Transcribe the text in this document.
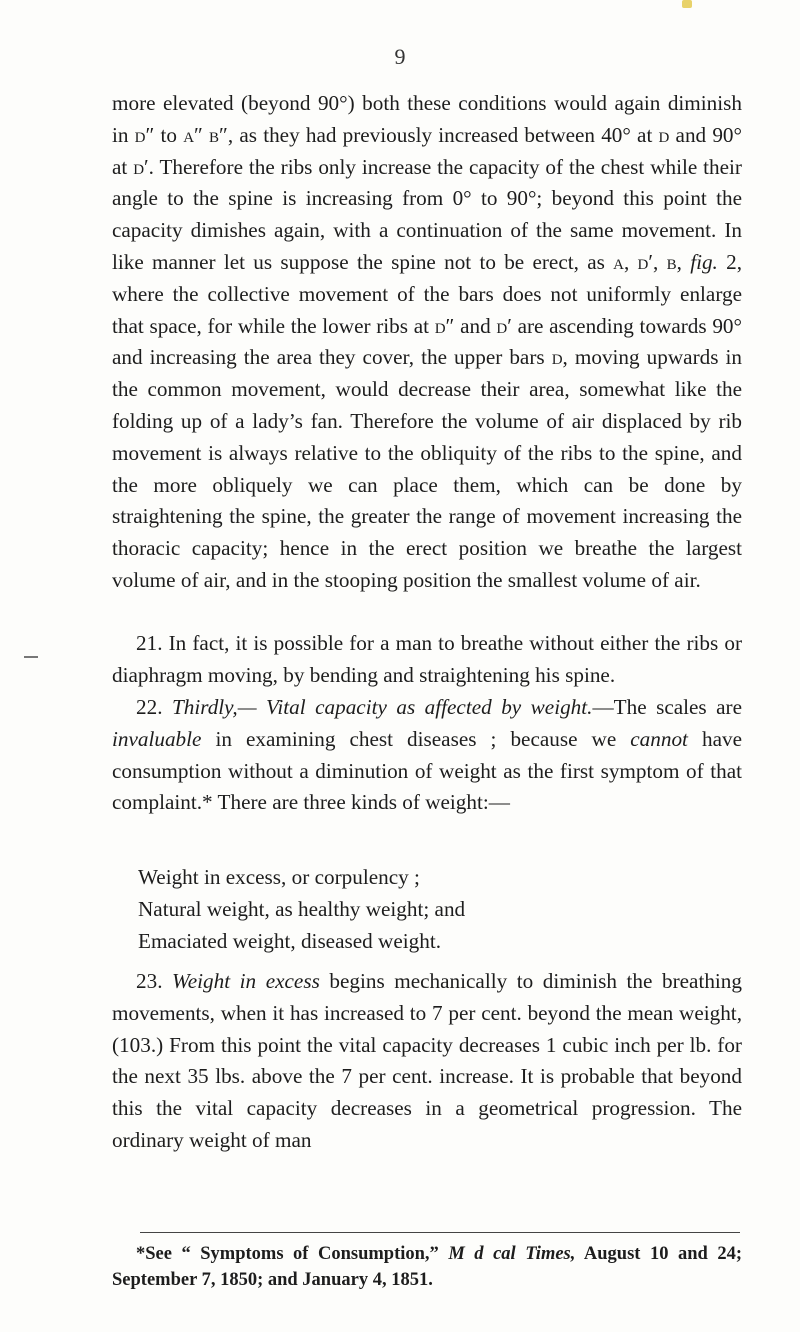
9

more elevated (beyond 90°) both these conditions would again diminish in d″ to a″ b″, as they had previously increased between 40° at d and 90° at d′. Therefore the ribs only increase the capacity of the chest while their angle to the spine is increasing from 0° to 90°; beyond this point the capacity dimishes again, with a continuation of the same movement. In like manner let us suppose the spine not to be erect, as a, d′, b, fig. 2, where the collective movement of the bars does not uniformly enlarge that space, for while the lower ribs at d″ and d′ are ascending towards 90° and increasing the area they cover, the upper bars d, moving upwards in the common movement, would decrease their area, somewhat like the folding up of a lady’s fan. Therefore the volume of air displaced by rib movement is always relative to the obliquity of the ribs to the spine, and the more obliquely we can place them, which can be done by straightening the spine, the greater the range of movement increasing the thoracic capacity; hence in the erect position we breathe the largest volume of air, and in the stooping position the smallest volume of air.

21. In fact, it is possible for a man to breathe without either the ribs or diaphragm moving, by bending and straightening his spine.

22. Thirdly,— Vital capacity as affected by weight.—The scales are invaluable in examining chest diseases ; because we cannot have consumption without a diminution of weight as the first symptom of that complaint.* There are three kinds of weight:—

Weight in excess, or corpulency ;
Natural weight, as healthy weight; and
Emaciated weight, diseased weight.

23. Weight in excess begins mechanically to diminish the breathing movements, when it has increased to 7 per cent. beyond the mean weight, (103.) From this point the vital capacity decreases 1 cubic inch per lb. for the next 35 lbs. above the 7 per cent. increase. It is probable that beyond this the vital capacity decreases in a geometrical progression. The ordinary weight of man

*See “ Symptoms of Consumption,” M d cal Times, August 10 and 24; September 7, 1850; and January 4, 1851.
